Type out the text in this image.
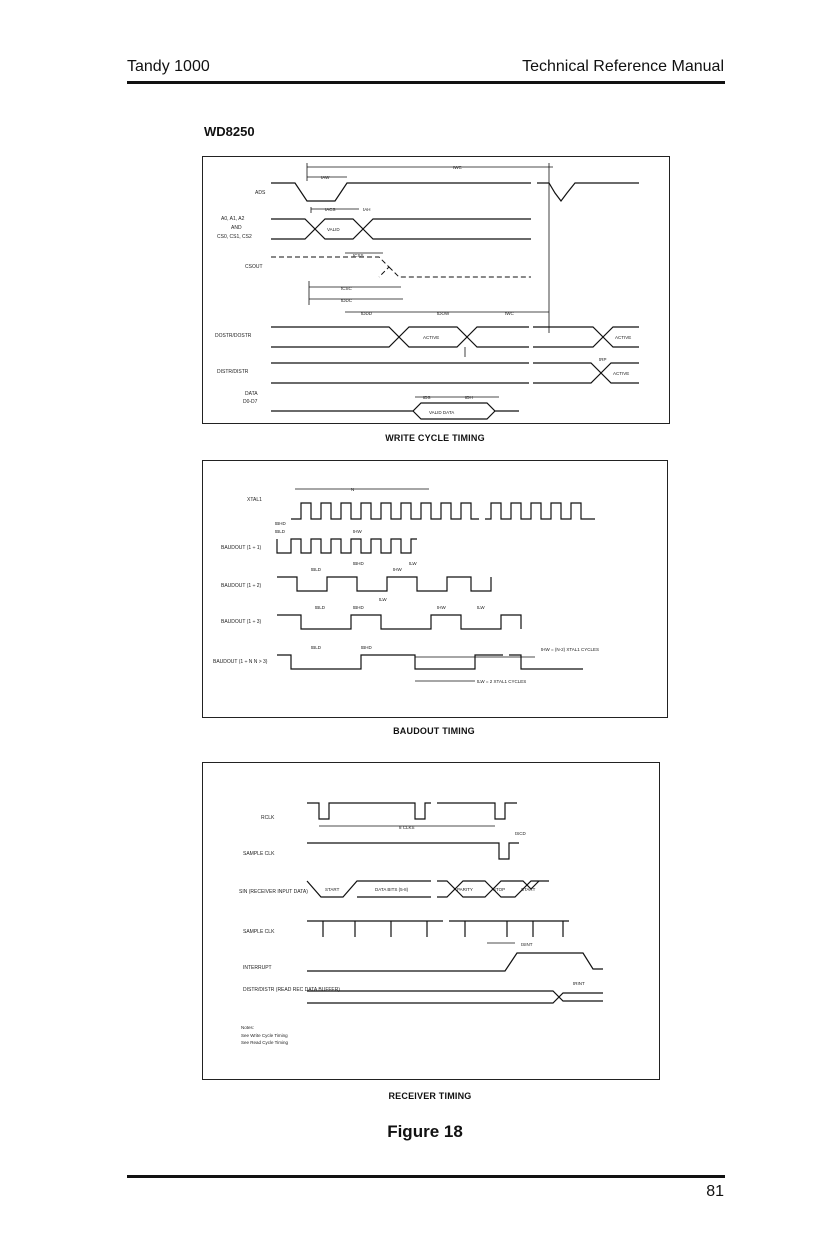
Tandy 1000	Technical Reference Manual
WD8250
ADS
A0, A1, A2
AND
CS0, CS1, CS2
CSOUT
DOSTR/DOSTR
DISTR/DISTR
DATA
D0-D7
tWC
tAW
tACS	tAH
tCSS
tCSC
tDDC
tDDD	tDOW	tWC
tDS	tDH
tRP
VALID
ACTIVE	ACTIVE
ACTIVE
VALID DATA
WRITE CYCLE TIMING
XTAL1
BAUDOUT (1 ÷ 1)
BAUDOUT (1 ÷ 2)
BAUDOUT (1 ÷ 3)
BAUDOUT (1 ÷ N N > 3)
N
tBHD
tBLD	tHW
tBHD	tLW
tBLD	tHW
tLW
tBLD	tBHD	tHW	tLW
tBLD	tBHD	tHW = (N-2) XTAL1 CYCLES
tLW = 2 XTAL1 CYCLES
BAUDOUT TIMING
RCLK
SAMPLE CLK
SIN (RECEIVER INPUT DATA)
SAMPLE CLK
INTERRUPT
DISTR/DISTR (READ REC DATA BUFFER)
8 CLKS
tSCD
START	DATA BITS (5-8)	PARITY	STOP	START
tSINT
tRINT
Notes:
See Write Cycle Timing
See Read Cycle Timing
RECEIVER TIMING
Figure 18
81
